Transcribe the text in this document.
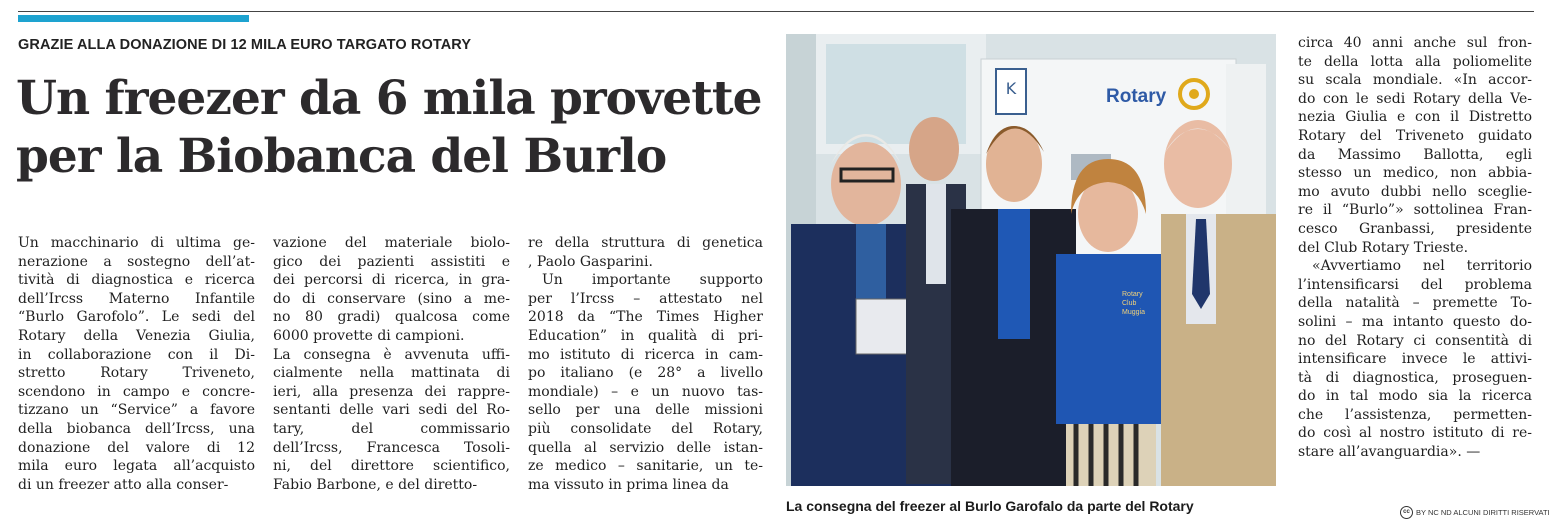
GRAZIE ALLA DONAZIONE DI 12 MILA EURO TARGATO ROTARY
Un freezer da 6 mila provette
per la Biobanca del Burlo
Un macchinario di ultima ge-
nerazione a sostegno dell’at-
tività di diagnostica e ricerca
dell’Ircss Materno Infantile
“Burlo Garofolo”. Le sedi del
Rotary della Venezia Giulia,
in collaborazione con il Di-
stretto Rotary Triveneto,
scendono in campo e concre-
tizzano un “Service” a favore
della biobanca dell’Ircss, una
donazione del valore di 12
mila euro legata all’acquisto
di un freezer atto alla conser-
vazione del materiale biolo-
gico dei pazienti assistiti e
dei percorsi di ricerca, in gra-
do di conservare (sino a me-
no 80 gradi) qualcosa come
6000 provette di campioni.
La consegna è avvenuta uffi-
cialmente nella mattinata di
ieri, alla presenza dei rappre-
sentanti delle vari sedi del Ro-
tary, del commissario
dell’Ircss, Francesca Tosoli-
ni, del direttore scientifico,
Fabio Barbone, e del diretto-
re della struttura di genetica
, Paolo Gasparini.
Un importante supporto
per l’Ircss – attestato nel
2018 da “The Times Higher
Education” in qualità di pri-
mo istituto di ricerca in cam-
po italiano (e 28° a livello
mondiale) – e un nuovo tas-
sello per una delle missioni
più consolidate del Rotary,
quella al servizio delle istan-
ze medico – sanitarie, un te-
ma vissuto in prima linea da
circa 40 anni anche sul fron-
te della lotta alla poliomelite
su scala mondiale. «In accor-
do con le sedi Rotary della Ve-
nezia Giulia e con il Distretto
Rotary del Triveneto guidato
da Massimo Ballotta, egli
stesso un medico, non abbia-
mo avuto dubbi nello sceglie-
re il “Burlo”» sottolinea Fran-
cesco Granbassi, presidente
del Club Rotary Trieste.
«Avvertiamo nel territorio
l’intensificarsi del problema
della natalità – premette To-
solini – ma intanto questo do-
no del Rotary ci consentità di
intensificare invece le attivi-
tà di diagnostica, proseguen-
do in tal modo sia la ricerca
che l’assistenza, permetten-
do così al nostro istituto di re-
stare all’avanguardia». —
K	Rotary
Rotary
Club
Muggia
La consegna del freezer al Burlo Garofalo da parte del Rotary	cc BY NC ND ALCUNI DIRITTI RISERVATI
